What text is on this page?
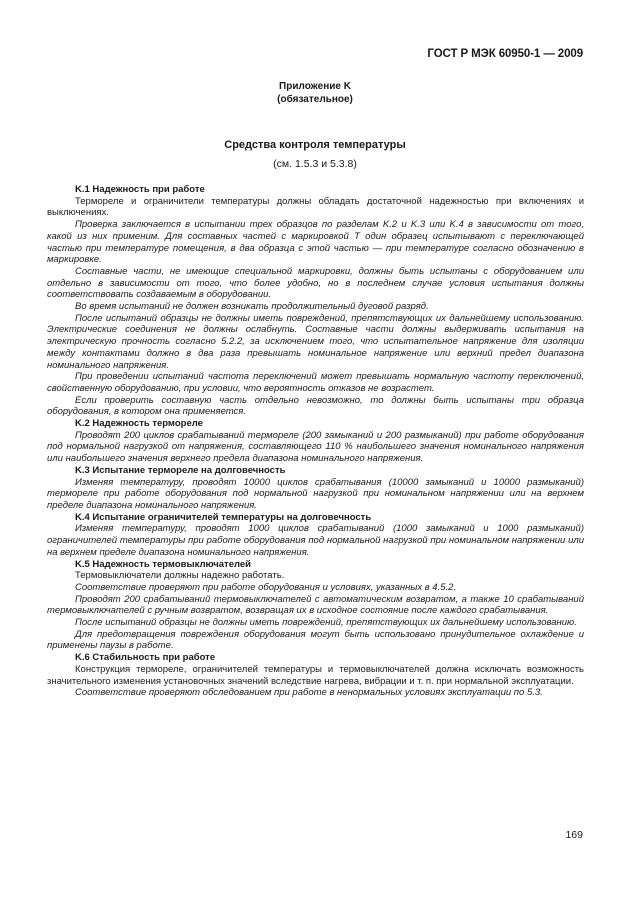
ГОСТ Р МЭК 60950-1 — 2009
Приложение K
(обязательное)
Средства контроля температуры
(см. 1.5.3 и 5.3.8)

K.1 Надежность при работе

Термореле и ограничители температуры должны обладать достаточной надежностью при включениях и выключениях.

Проверка заключается в испытании трех образцов по разделам K.2 и K.3 или K.4 в зависимости от того, какой из них применим. Для составных частей с маркировкой T один образец испытывают с переключающей частью при температуре помещения, в два образца с этой частью — при температуре согласно обозначению в маркировке.

Составные части, не имеющие специальной маркировки, должны быть испытаны с оборудованием или отдельно в зависимости от того, что более удобно, но в последнем случае условия испытания должны соответствовать создаваемым в оборудовании.

Во время испытаний не должен возникать продолжительный дуговой разряд.

После испытаний образцы не должны иметь повреждений, препятствующих их дальнейшему использованию. Электрические соединения не должны ослабнуть. Составные части должны выдерживать испытания на электрическую прочность согласно 5.2.2, за исключением того, что испытательное напряжение для изоляции между контактами должно в два раза превышать номинальное напряжение или верхний предел диапазона номинального напряжения.

При проведении испытаний частота переключений может превышать нормальную частоту переключений, свойственную оборудованию, при условии, что вероятность отказов не возрастет.

Если проверить составную часть отдельно невозможно, то должны быть испытаны три образца оборудования, в котором она применяется.

K.2 Надежность термореле

Проводят 200 циклов срабатываний термореле (200 замыканий и 200 размыканий) при работе оборудования под нормальной нагрузкой от напряжения, составляющего 110 % наибольшего значения номинального напряжения или наибольшего значения верхнего предела диапазона номинального напряжения.

K.3 Испытание термореле на долговечность

Изменяя температуру, проводят 10000 циклов срабатывания (10000 замыканий и 10000 размыканий) термореле при работе оборудования под нормальной нагрузкой при номинальном напряжении или на верхнем пределе диапазона номинального напряжения.

K.4 Испытание ограничителей температуры на долговечность

Изменяя температуру, проводят 1000 циклов срабатываний (1000 замыканий и 1000 размыканий) ограничителей температуры при работе оборудования под нормальной нагрузкой при номинальном напряжении или на верхнем пределе диапазона номинального напряжения.

K.5 Надежность термовыключателей

Термовыключатели должны надежно работать.

Соответствие проверяют при работе оборудования и условиях, указанных в 4.5.2.

Проводят 200 срабатываний термовыключателей с автоматическим возвратом, а также 10 срабатываний термовыключателей с ручным возвратом, возвращая их в исходное состояние после каждого срабатывания.

После испытаний образцы не должны иметь повреждений, препятствующих их дальнейшему использованию.

Для предотвращения повреждения оборудования могут быть использовано принудительное охлаждение и применены паузы в работе.

K.6 Стабильность при работе

Конструкция термореле, ограничителей температуры и термовыключателей должна исключать возможность значительного изменения установочных значений вследствие нагрева, вибрации и т. п. при нормальной эксплуатации.

Соответствие проверяют обследованием при работе в ненормальных условиях эксплуатации по 5.3.

169
